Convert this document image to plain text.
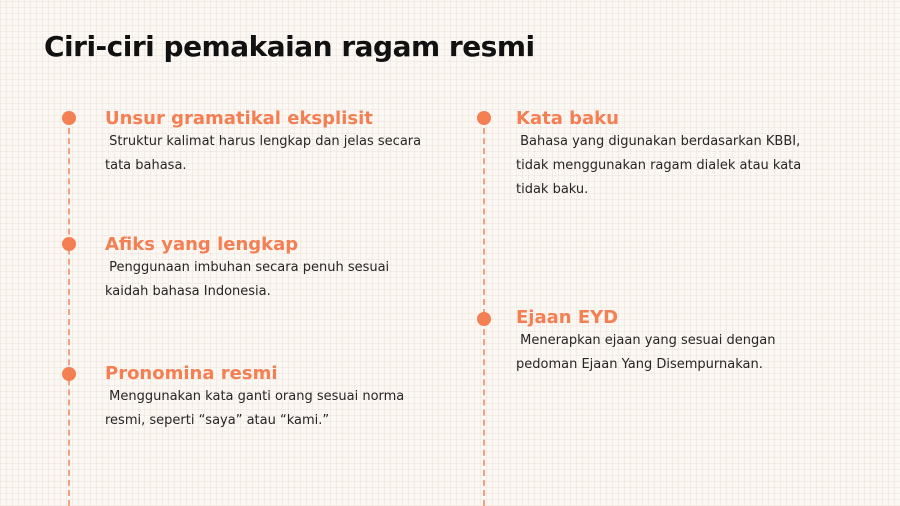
Ciri-ciri pemakaian ragam resmi

Unsur gramatikal eksplisit

Struktur kalimat harus lengkap dan jelas secara
tata bahasa.

Afiks yang lengkap

Penggunaan imbuhan secara penuh sesuai
kaidah bahasa Indonesia.

Pronomina resmi

Menggunakan kata ganti orang sesuai norma
resmi, seperti “saya” atau “kami.”

Kata baku

Bahasa yang digunakan berdasarkan KBBI,
tidak menggunakan ragam dialek atau kata
tidak baku.

Ejaan EYD

Menerapkan ejaan yang sesuai dengan
pedoman Ejaan Yang Disempurnakan.
